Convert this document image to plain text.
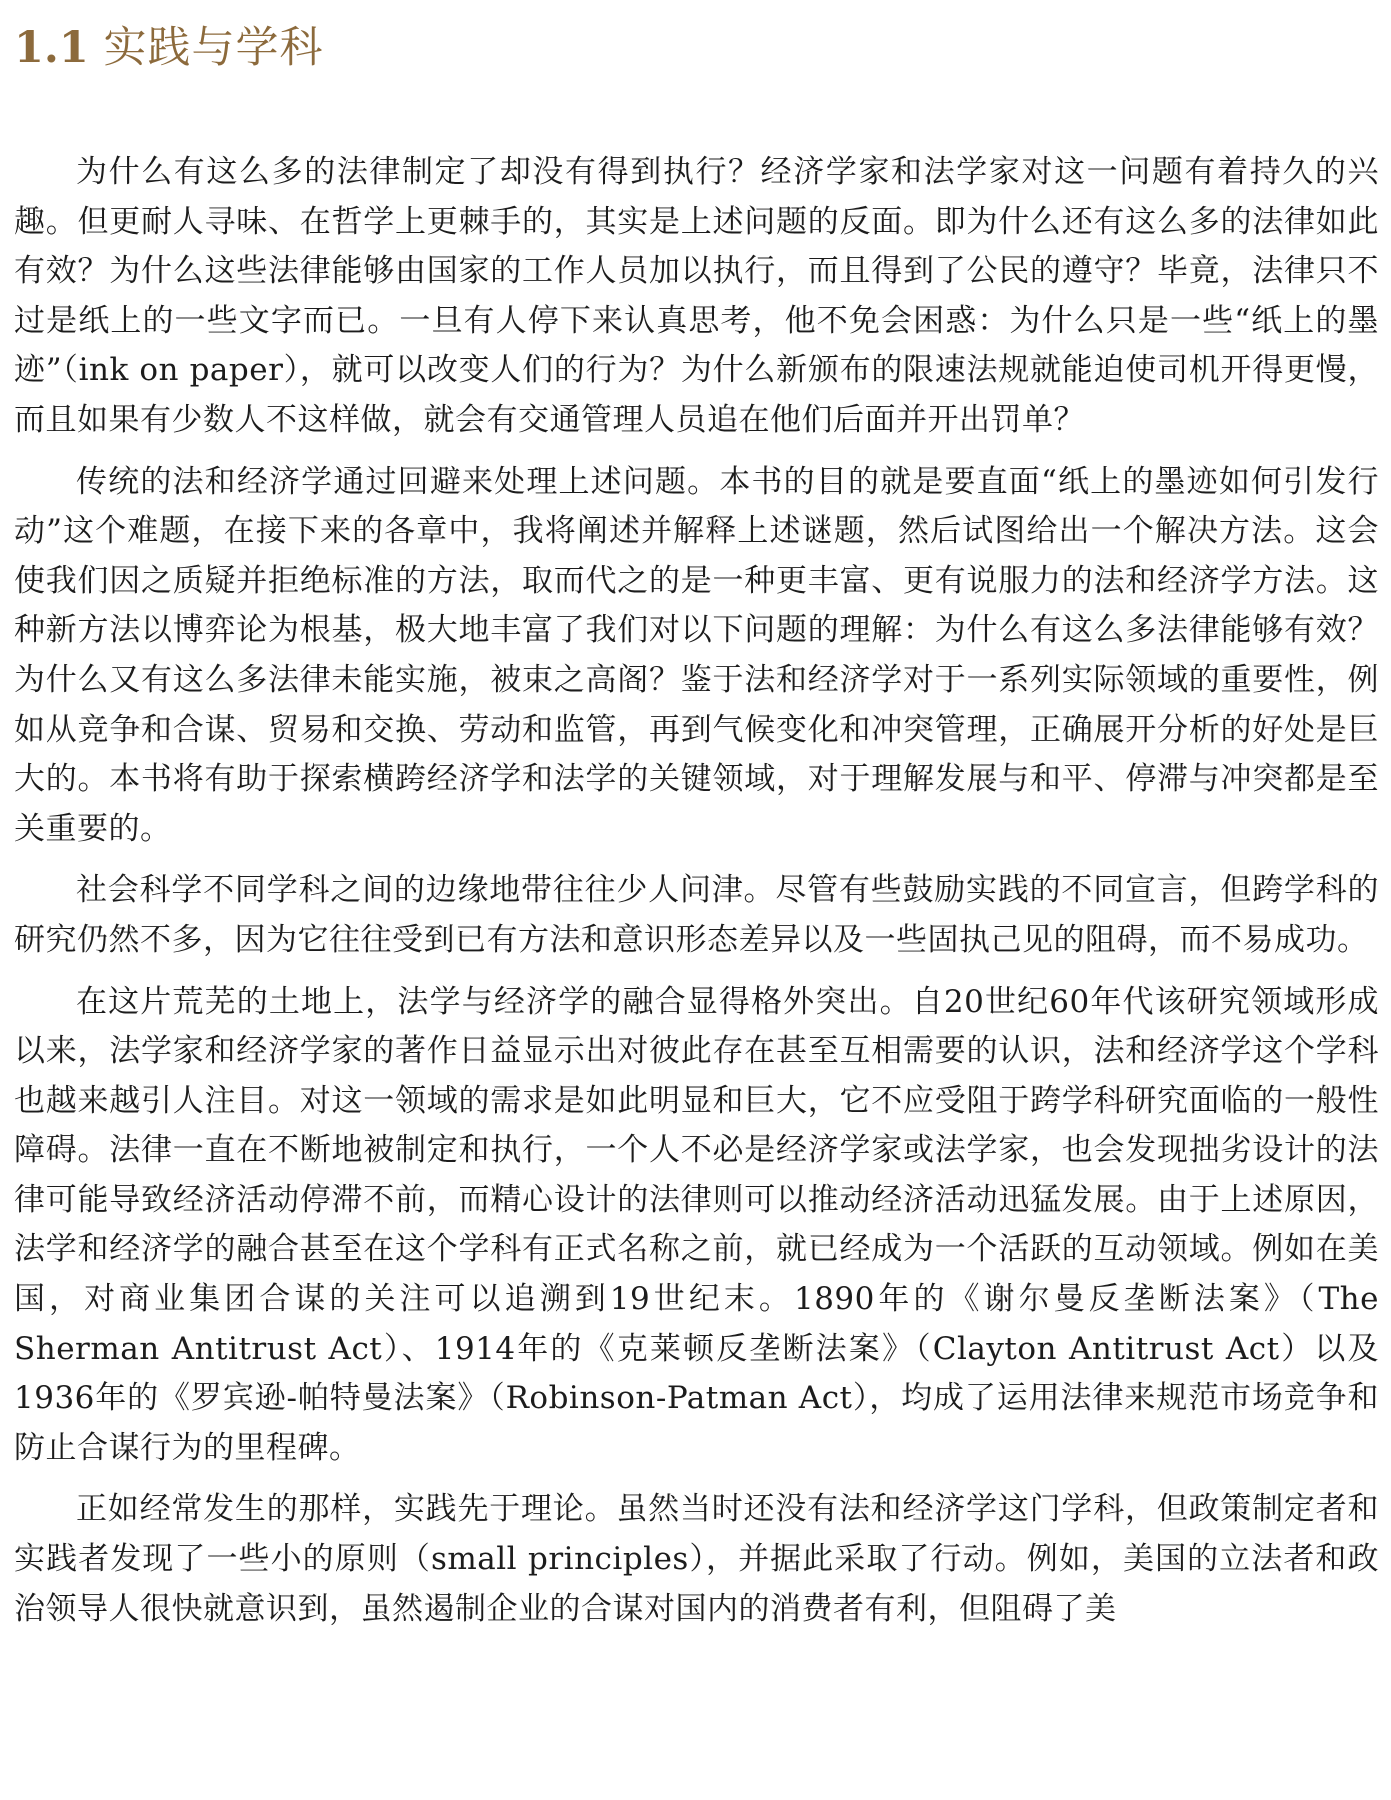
1.1 实践与学科

为什么有这么多的法律制定了却没有得到执行？经济学家和法学家对这一问题有着持久的兴趣。但更耐人寻味、在哲学上更棘手的，其实是上述问题的反面。即为什么还有这么多的法律如此有效？为什么这些法律能够由国家的工作人员加以执行，而且得到了公民的遵守？毕竟，法律只不过是纸上的一些文字而已。一旦有人停下来认真思考，他不免会困惑：为什么只是一些“纸上的墨迹”（ink on paper），就可以改变人们的行为？为什么新颁布的限速法规就能迫使司机开得更慢，而且如果有少数人不这样做，就会有交通管理人员追在他们后面并开出罚单？

传统的法和经济学通过回避来处理上述问题。本书的目的就是要直面“纸上的墨迹如何引发行动”这个难题，在接下来的各章中，我将阐述并解释上述谜题，然后试图给出一个解决方法。这会使我们因之质疑并拒绝标准的方法，取而代之的是一种更丰富、更有说服力的法和经济学方法。这种新方法以博弈论为根基，极大地丰富了我们对以下问题的理解：为什么有这么多法律能够有效？为什么又有这么多法律未能实施，被束之高阁？鉴于法和经济学对于一系列实际领域的重要性，例如从竞争和合谋、贸易和交换、劳动和监管，再到气候变化和冲突管理，正确展开分析的好处是巨大的。本书将有助于探索横跨经济学和法学的关键领域，对于理解发展与和平、停滞与冲突都是至关重要的。

社会科学不同学科之间的边缘地带往往少人问津。尽管有些鼓励实践的不同宣言，但跨学科的研究仍然不多，因为它往往受到已有方法和意识形态差异以及一些固执己见的阻碍，而不易成功。

在这片荒芜的土地上，法学与经济学的融合显得格外突出。自20世纪60年代该研究领域形成以来，法学家和经济学家的著作日益显示出对彼此存在甚至互相需要的认识，法和经济学这个学科也越来越引人注目。对这一领域的需求是如此明显和巨大，它不应受阻于跨学科研究面临的一般性障碍。法律一直在不断地被制定和执行，一个人不必是经济学家或法学家，也会发现拙劣设计的法律可能导致经济活动停滞不前，而精心设计的法律则可以推动经济活动迅猛发展。由于上述原因，法学和经济学的融合甚至在这个学科有正式名称之前，就已经成为一个活跃的互动领域。例如在美国，对商业集团合谋的关注可以追溯到19世纪末。1890年的《谢尔曼反垄断法案》（The Sherman Antitrust Act）、1914年的《克莱顿反垄断法案》（Clayton Antitrust Act）以及1936年的《罗宾逊-帕特曼法案》（Robinson-Patman Act），均成了运用法律来规范市场竞争和防止合谋行为的里程碑。

正如经常发生的那样，实践先于理论。虽然当时还没有法和经济学这门学科，但政策制定者和实践者发现了一些小的原则（small principles），并据此采取了行动。例如，美国的立法者和政治领导人很快就意识到，虽然遏制企业的合谋对国内的消费者有利，但阻碍了美
